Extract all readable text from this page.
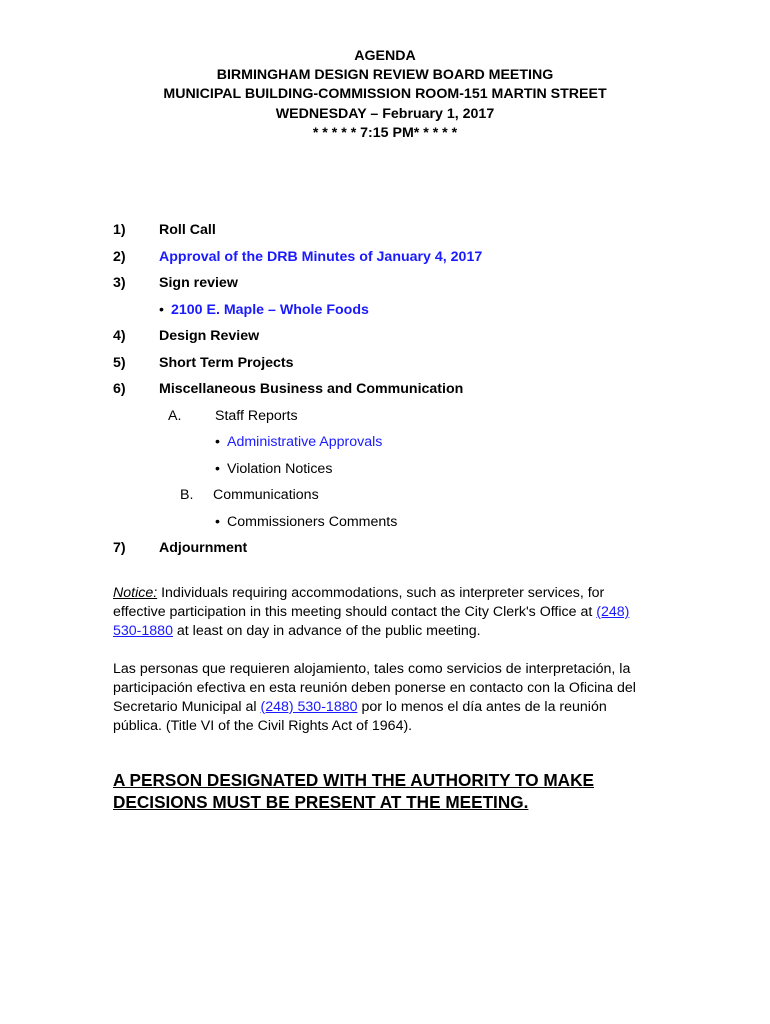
AGENDA
BIRMINGHAM DESIGN REVIEW BOARD MEETING
MUNICIPAL BUILDING-COMMISSION ROOM-151 MARTIN STREET
WEDNESDAY – February 1, 2017
* * * * * 7:15 PM* * * * *
1) Roll Call
2) Approval of the DRB Minutes of January 4, 2017
3) Sign review
• 2100 E. Maple – Whole Foods
4) Design Review
5) Short Term Projects
6) Miscellaneous Business and Communication
A. Staff Reports
• Administrative Approvals
• Violation Notices
B. Communications
• Commissioners Comments
7) Adjournment

Notice: Individuals requiring accommodations, such as interpreter services, for effective participation in this meeting should contact the City Clerk's Office at (248) 530-1880 at least on day in advance of the public meeting.

Las personas que requieren alojamiento, tales como servicios de interpretación, la participación efectiva en esta reunión deben ponerse en contacto con la Oficina del Secretario Municipal al (248) 530-1880 por lo menos el día antes de la reunión pública. (Title VI of the Civil Rights Act of 1964).

A PERSON DESIGNATED WITH THE AUTHORITY TO MAKE
DECISIONS MUST BE PRESENT AT THE MEETING.
